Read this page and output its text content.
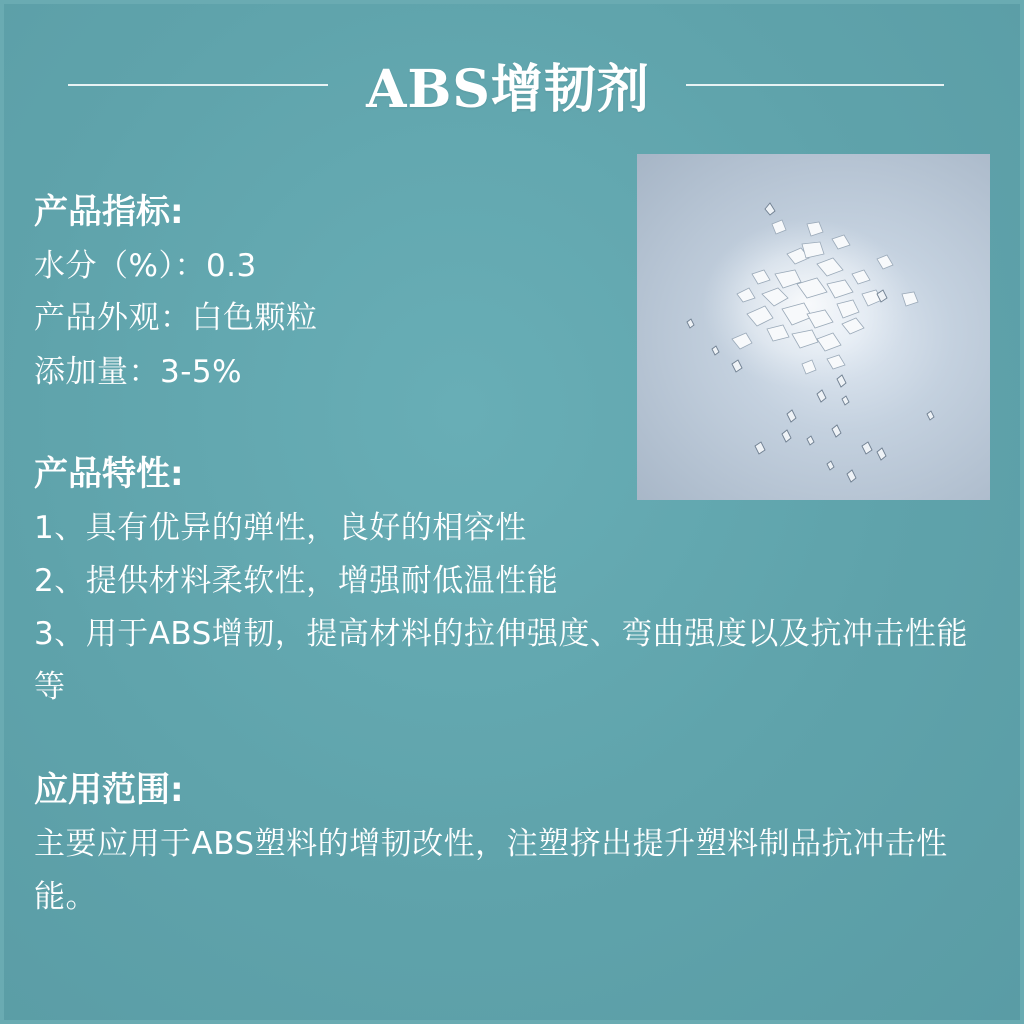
ABS增韧剂
产品指标:
水分（%）：0.3
产品外观：白色颗粒
添加量：3-5%
产品特性:
1、具有优异的弹性，良好的相容性
2、提供材料柔软性，增强耐低温性能
3、用于ABS增韧，提高材料的拉伸强度、弯曲强度以及抗冲击性能等
应用范围:
主要应用于ABS塑料的增韧改性，注塑挤出提升塑料制品抗冲击性能。
